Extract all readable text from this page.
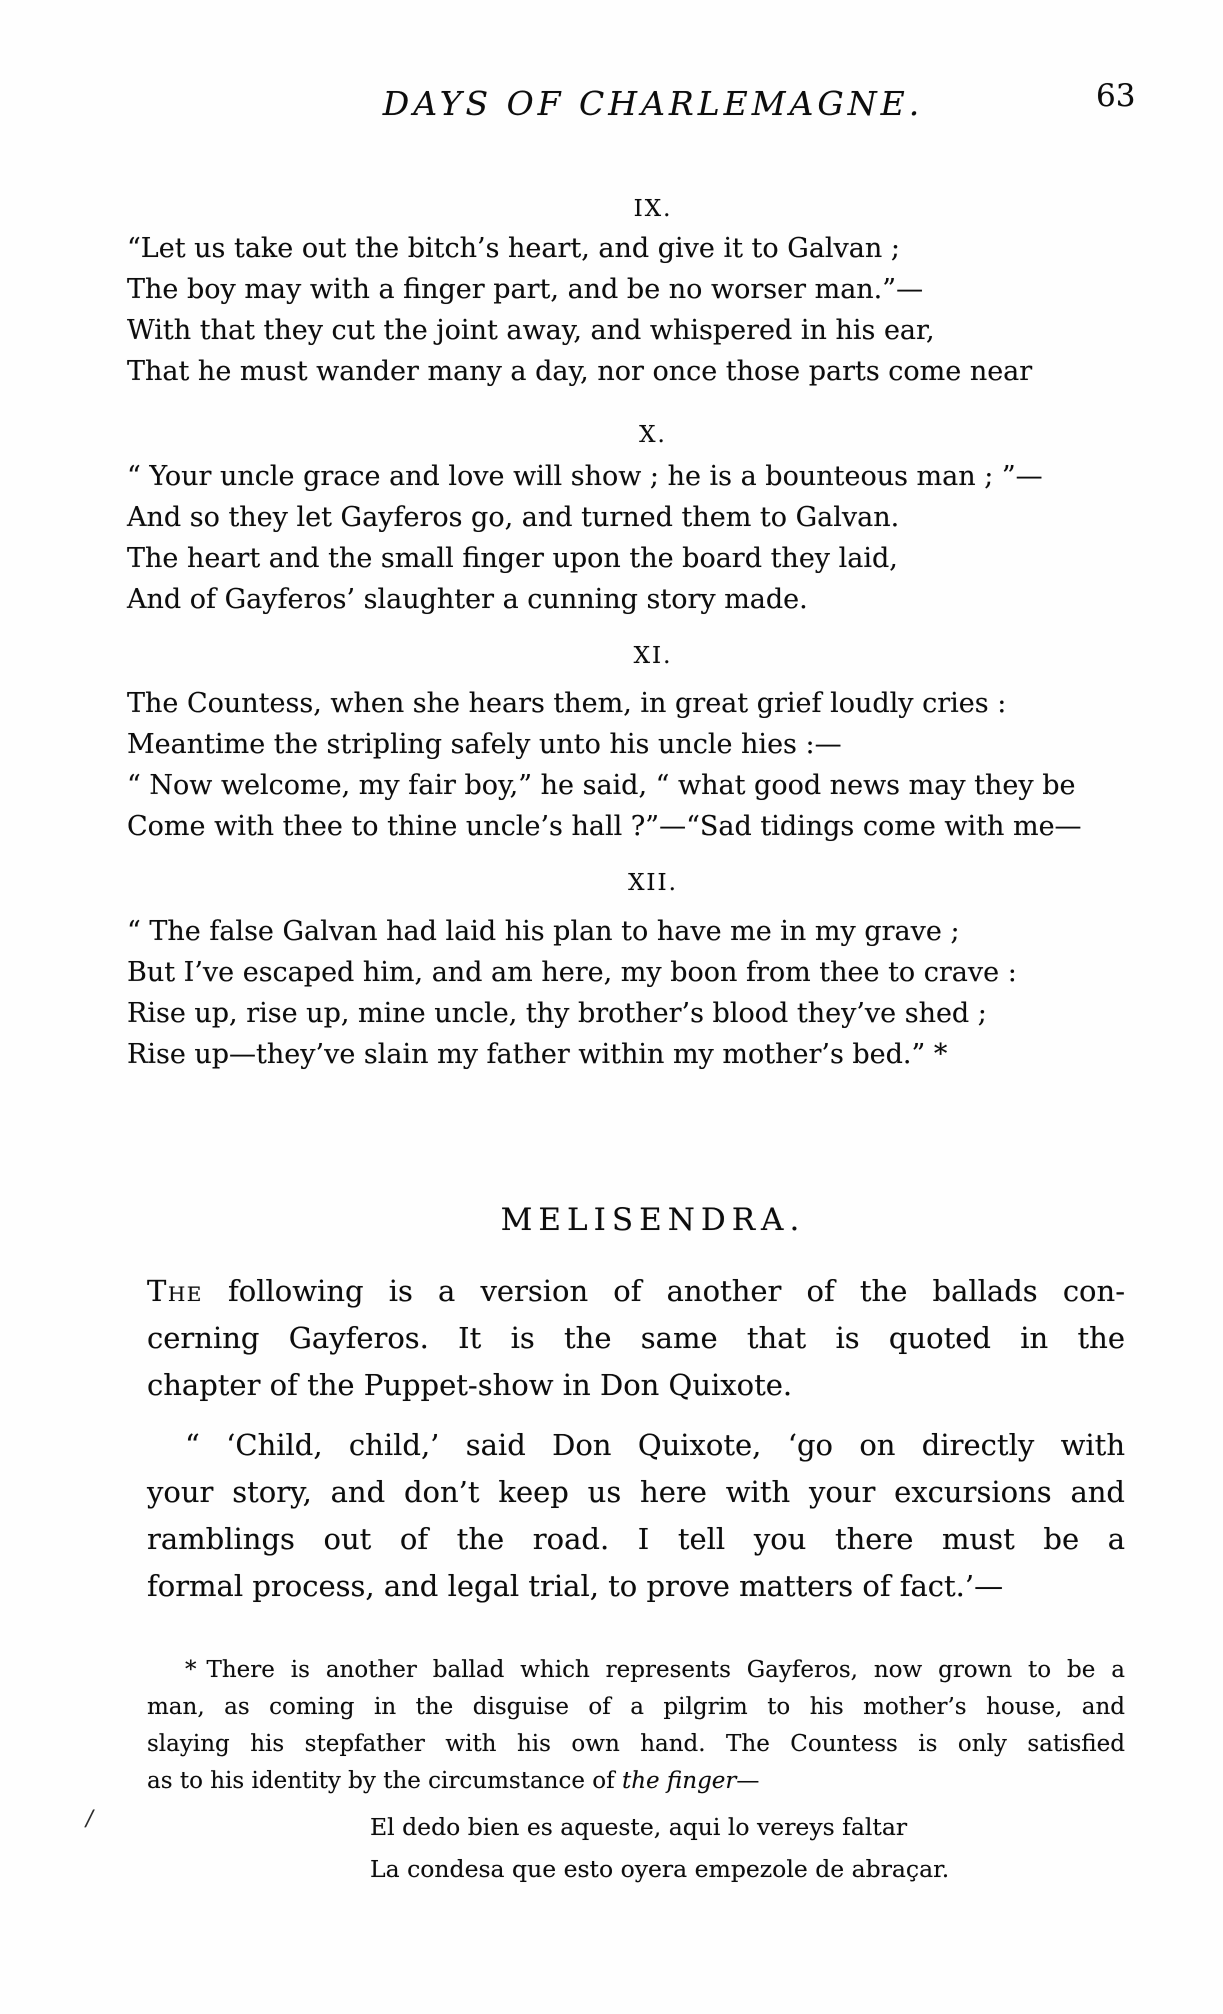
DAYS OF CHARLEMAGNE.	63
IX.
“Let us take out the bitch’s heart, and give it to Galvan ;
The boy may with a finger part, and be no worser man.”—
With that they cut the joint away, and whispered in his ear,
That he must wander many a day, nor once those parts come near
X.
“ Your uncle grace and love will show ; he is a bounteous man ; ”—
And so they let Gayferos go, and turned them to Galvan.
The heart and the small finger upon the board they laid,
And of Gayferos’ slaughter a cunning story made.
XI.
The Countess, when she hears them, in great grief loudly cries :
Meantime the stripling safely unto his uncle hies :—
“ Now welcome, my fair boy,” he said, “ what good news may they be
Come with thee to thine uncle’s hall ?”—“Sad tidings come with me—
XII.
“ The false Galvan had laid his plan to have me in my grave ;
But I’ve escaped him, and am here, my boon from thee to crave :
Rise up, rise up, mine uncle, thy brother’s blood they’ve shed ;
Rise up—they’ve slain my father within my mother’s bed.” *
MELISENDRA.
The following is a version of another of the ballads con-
cerning Gayferos. It is the same that is quoted in the
chapter of the Puppet-show in Don Quixote.
“ ‘Child, child,’ said Don Quixote, ‘go on directly with
your story, and don’t keep us here with your excursions and
ramblings out of the road. I tell you there must be a
formal process, and legal trial, to prove matters of fact.’—
* There is another ballad which represents Gayferos, now grown to be a
man, as coming in the disguise of a pilgrim to his mother’s house, and
slaying his stepfather with his own hand. The Countess is only satisfied
as to his identity by the circumstance of the finger—
El dedo bien es aqueste, aqui lo vereys faltar
La condesa que esto oyera empezole de abraçar.
/
